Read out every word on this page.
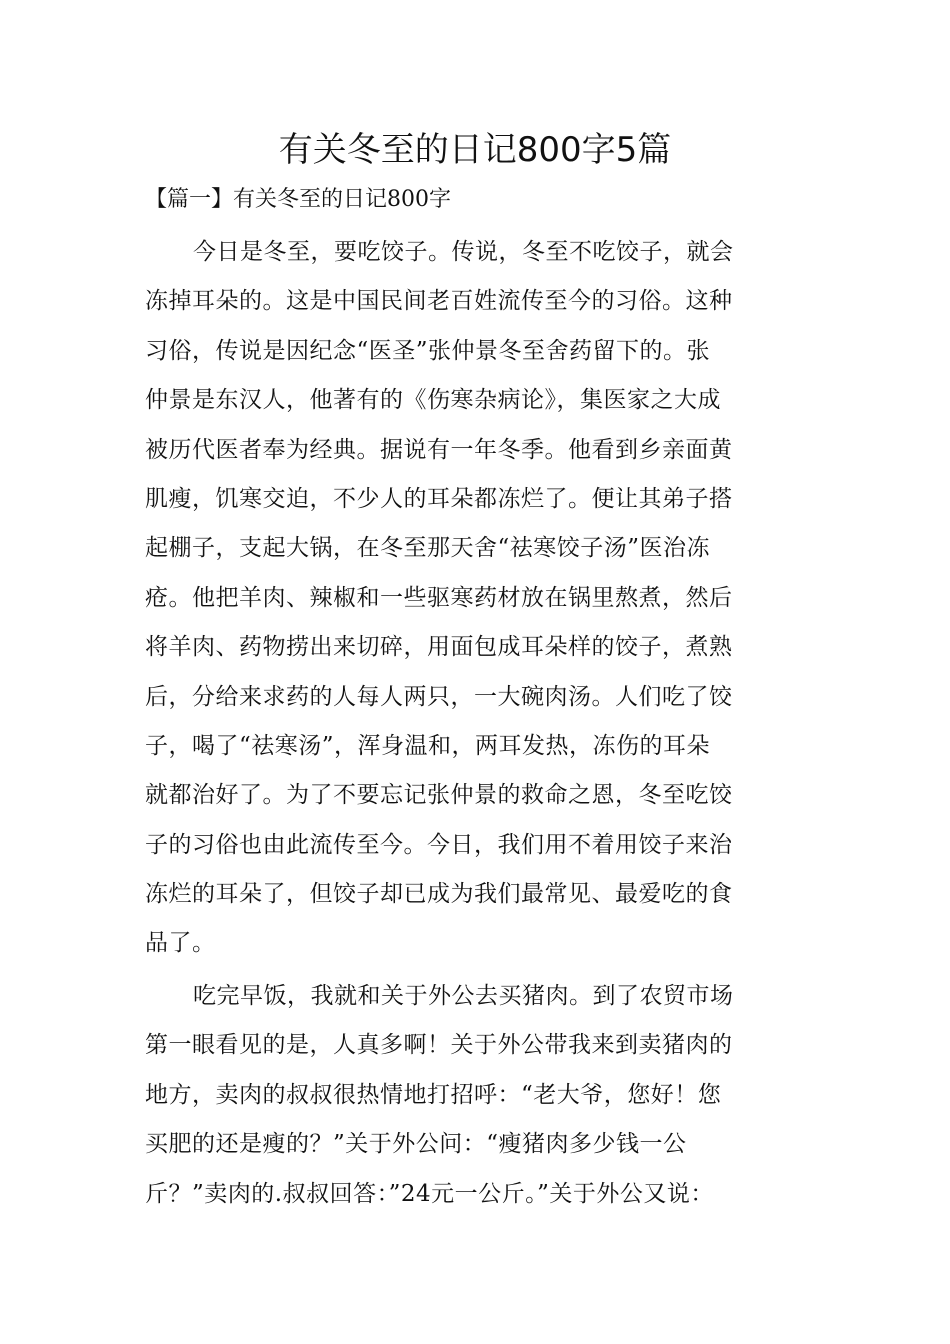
有关冬至的日记800字5篇
【篇一】有关冬至的日记800字
今日是冬至，要吃饺子。传说，冬至不吃饺子，就会
冻掉耳朵的。这是中国民间老百姓流传至今的习俗。这种
习俗，传说是因纪念“医圣”张仲景冬至舍药留下的。张
仲景是东汉人，他著有的《伤寒杂病论》，集医家之大成
被历代医者奉为经典。据说有一年冬季。他看到乡亲面黄
肌瘦，饥寒交迫，不少人的耳朵都冻烂了。便让其弟子搭
起棚子，支起大锅，在冬至那天舍“祛寒饺子汤”医治冻
疮。他把羊肉、辣椒和一些驱寒药材放在锅里熬煮，然后
将羊肉、药物捞出来切碎，用面包成耳朵样的饺子，煮熟
后，分给来求药的人每人两只，一大碗肉汤。人们吃了饺
子，喝了“祛寒汤”，浑身温和，两耳发热，冻伤的耳朵
就都治好了。为了不要忘记张仲景的救命之恩，冬至吃饺
子的习俗也由此流传至今。今日，我们用不着用饺子来治
冻烂的耳朵了，但饺子却已成为我们最常见、最爱吃的食
品了。
吃完早饭，我就和关于外公去买猪肉。到了农贸市场
第一眼看见的是，人真多啊！关于外公带我来到卖猪肉的
地方，卖肉的叔叔很热情地打招呼：“老大爷，您好！您
买肥的还是瘦的？”关于外公问：“瘦猪肉多少钱一公
斤？”卖肉的.叔叔回答：”24元一公斤。”关于外公又说：
